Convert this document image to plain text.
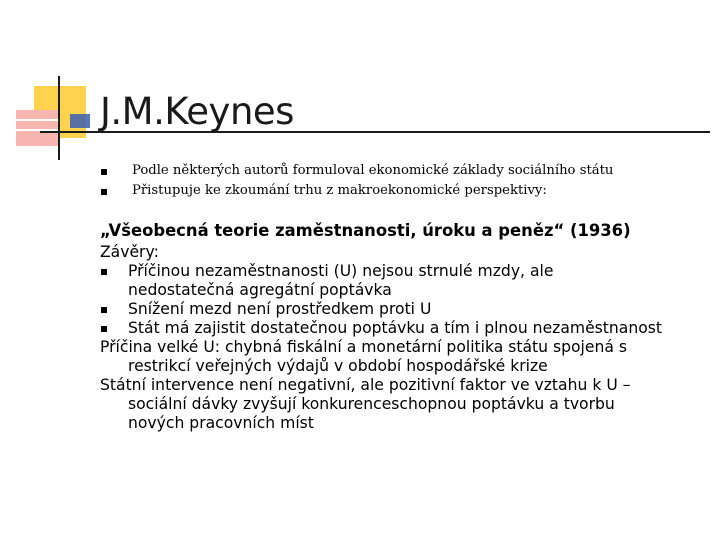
J.M.Keynes
Podle některých autorů formuloval ekonomické základy sociálního státu
Přistupuje ke zkoumání trhu z makroekonomické perspektivy:
„Všeobecná teorie zaměstnanosti, úroku a peněz“ (1936)
Závěry:
Příčinou nezaměstnanosti (U) nejsou strnulé mzdy, ale
nedostatečná agregátní poptávka
Snížení mezd není prostředkem proti U
Stát má zajistit dostatečnou poptávku a tím i plnou nezaměstnanost
Příčina velké U: chybná fiskální a monetární politika státu spojená s
restrikcí veřejných výdajů v období hospodářské krize
Státní intervence není negativní, ale pozitivní faktor ve vztahu k U –
sociální dávky zvyšují konkurenceschopnou poptávku a tvorbu
nových pracovních míst
